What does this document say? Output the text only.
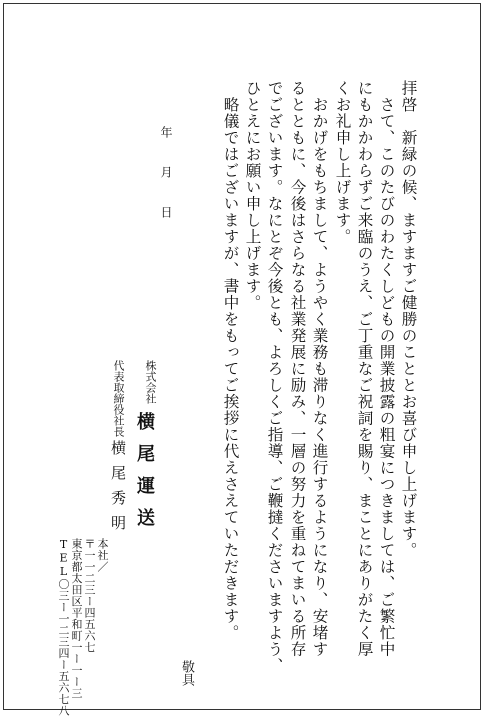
拝啓　新緑の候、ますますご健勝のこととお喜び申し上げます。
　さて、このたびのわたくしどもの開業披露の粗宴につきましては、ご繁忙中
にもかかわらずご来臨のうえ、ご丁重なご祝詞を賜り、まことにありがたく厚
くお礼申し上げます。
　おかげをもちまして、ようやく業務も滞りなく進行するようになり、安堵す
るとともに、今後はさらなる社業発展に励み、一層の努力を重ねてまいる所存
でございます。なにとぞ今後とも、よろしくご指導、ご鞭撻くださいますよう、
ひとえにお願い申し上げます。
　略儀ではございますが、書中をもってご挨拶に代えさえていただきます。
敬具
年月日
株式会社
横尾運送
代表取締役社長
横尾秀明
本社／
〒一一二三ー四五六七
東京都太田区平和町一ー一ー三
TEL〇三ー一二三四ー五六七八
